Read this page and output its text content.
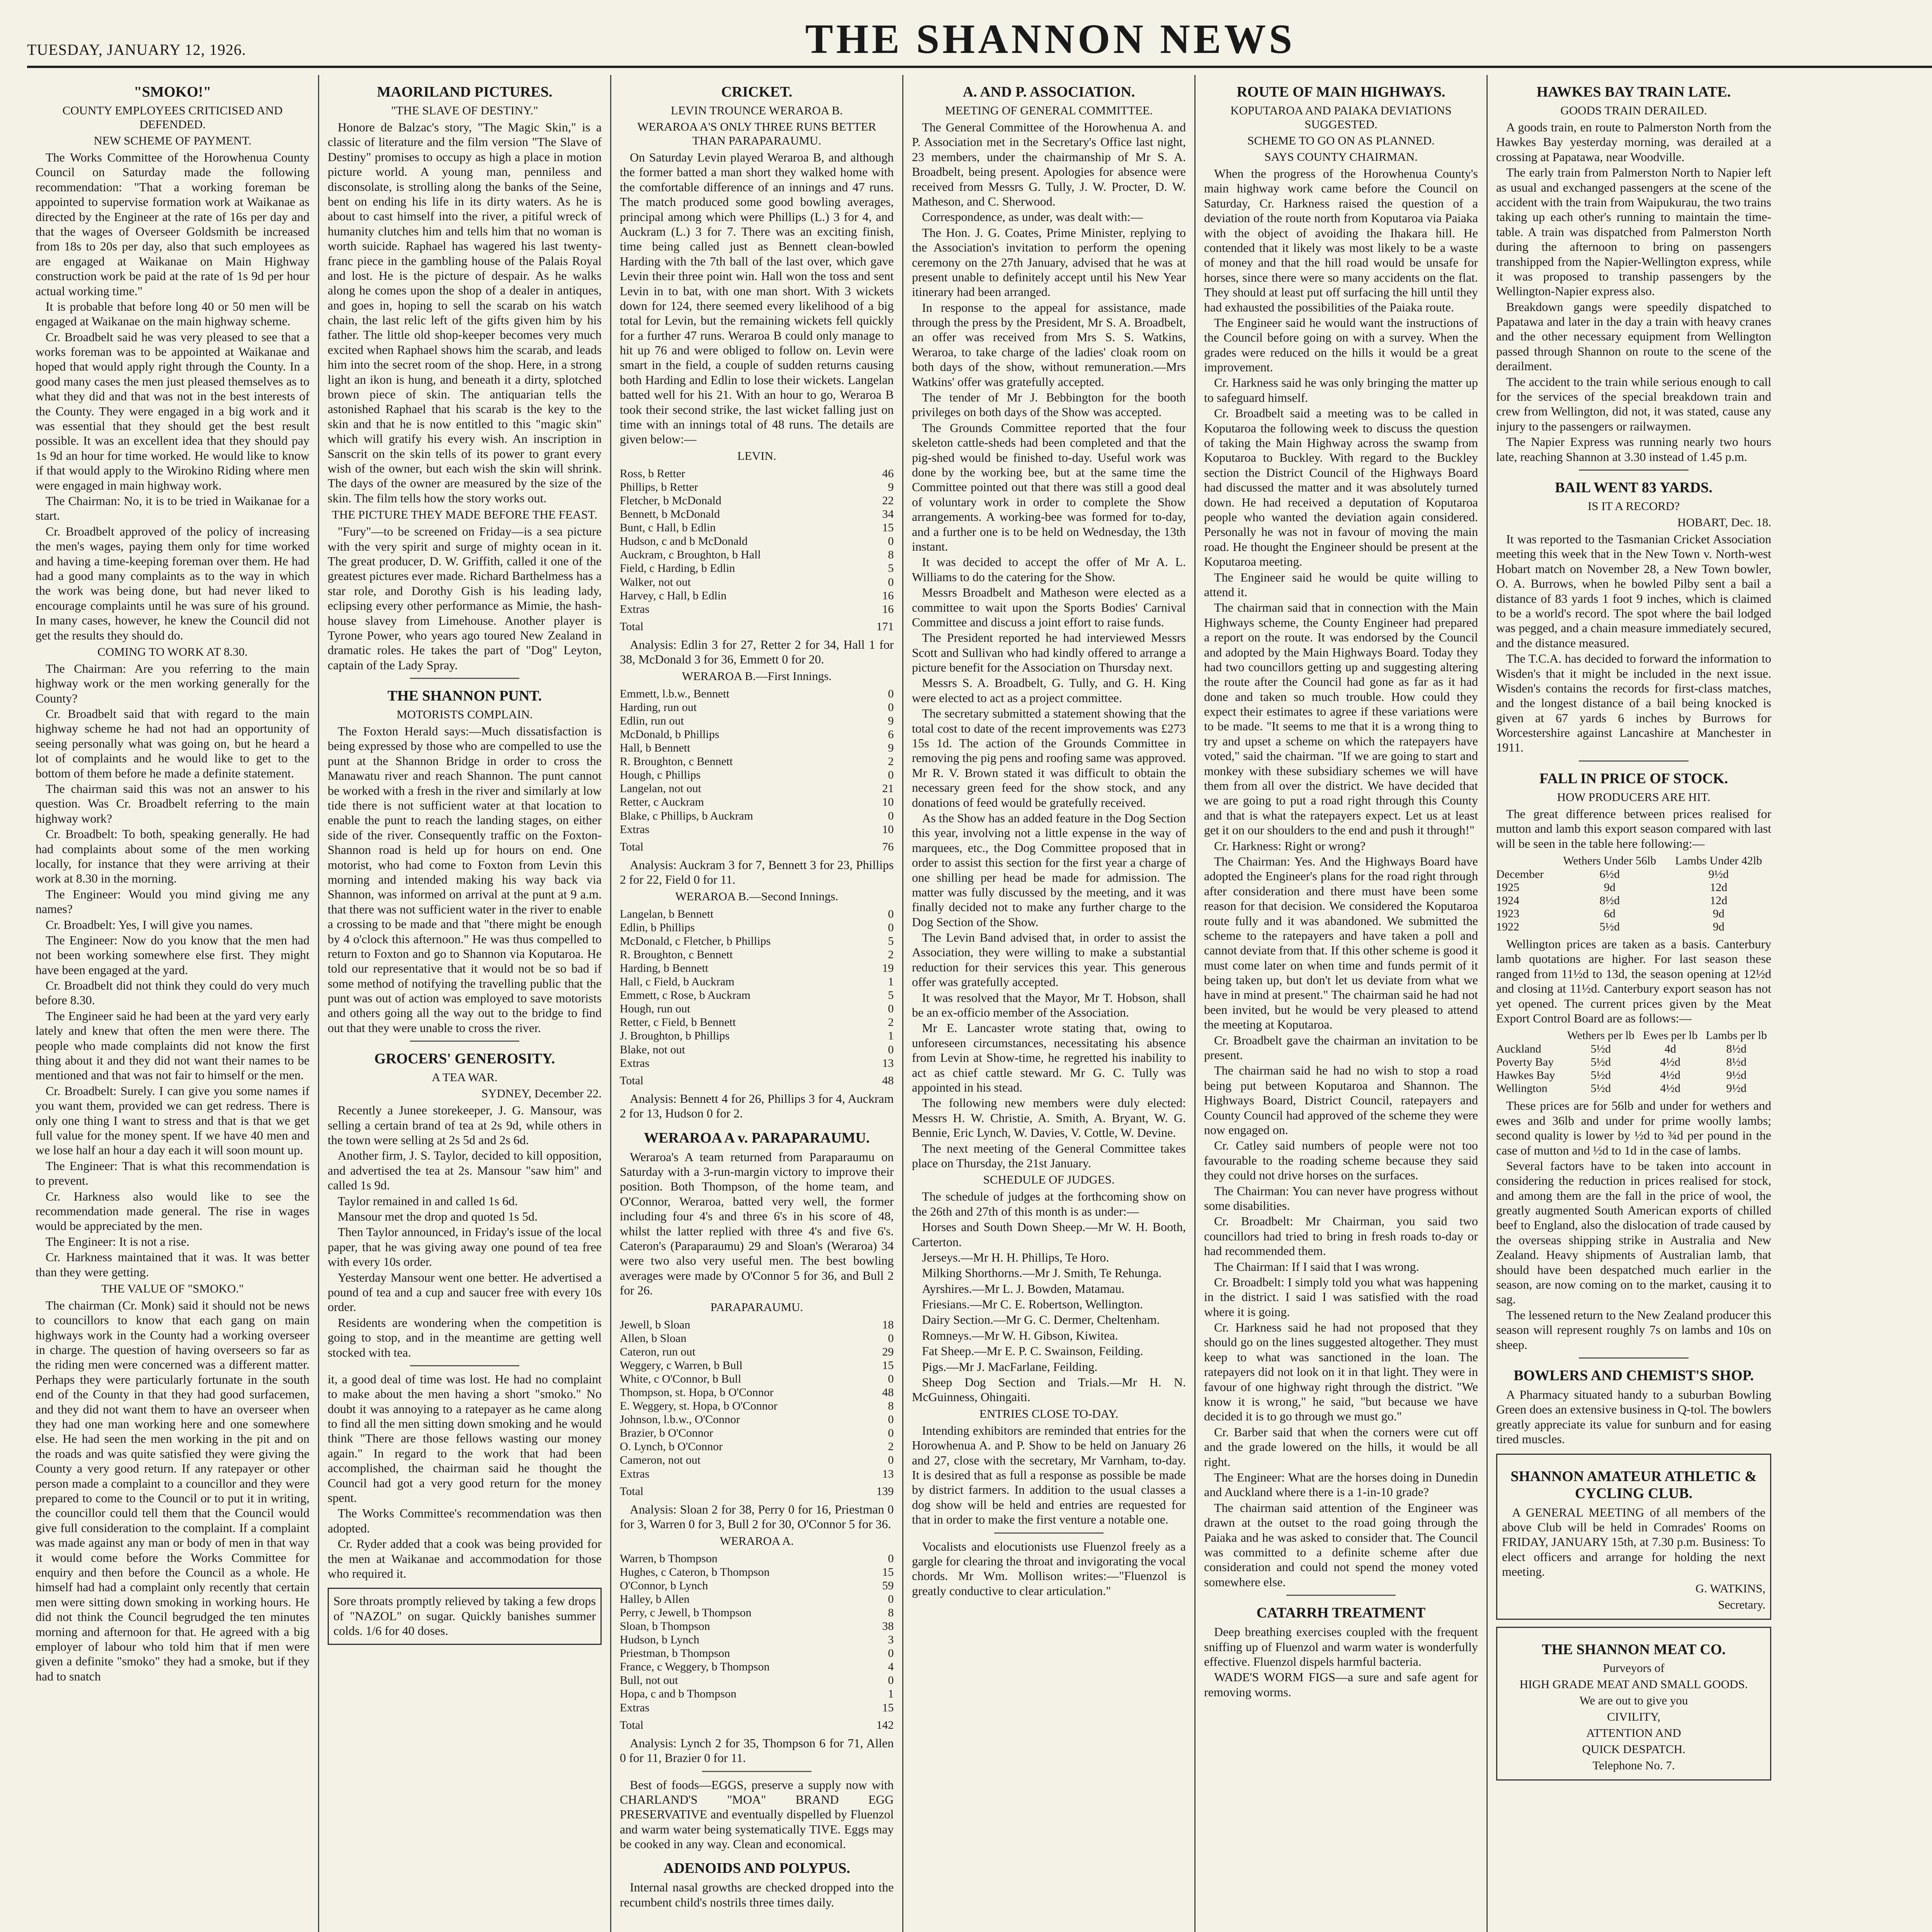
TUESDAY, JANUARY 12, 1926.	THE SHANNON NEWS
"SMOKO!"
COUNTY EMPLOYEES CRITICISED AND DEFENDED.
NEW SCHEME OF PAYMENT.

The Works Committee of the Horowhenua County Council on Saturday made the following recommendation: "That a working foreman be appointed to supervise formation work at Waikanae as directed by the Engineer at the rate of 16s per day and that the wages of Overseer Goldsmith be increased from 18s to 20s per day, also that such employees as are engaged at Waikanae on Main Highway construction work be paid at the rate of 1s 9d per hour actual working time."

It is probable that before long 40 or 50 men will be engaged at Waikanae on the main highway scheme.

Cr. Broadbelt said he was very pleased to see that a works foreman was to be appointed at Waikanae and hoped that would apply right through the County. In a good many cases the men just pleased themselves as to what they did and that was not in the best interests of the County. They were engaged in a big work and it was essential that they should get the best result possible. It was an excellent idea that they should pay 1s 9d an hour for time worked. He would like to know if that would apply to the Wirokino Riding where men were engaged in main highway work.

The Chairman: No, it is to be tried in Waikanae for a start.

Cr. Broadbelt approved of the policy of increasing the men's wages, paying them only for time worked and having a time-keeping foreman over them. He had had a good many complaints as to the way in which the work was being done, but had never liked to encourage complaints until he was sure of his ground. In many cases, however, he knew the Council did not get the results they should do.

COMING TO WORK AT 8.30.

The Chairman: Are you referring to the main highway work or the men working generally for the County?

Cr. Broadbelt said that with regard to the main highway scheme he had not had an opportunity of seeing personally what was going on, but he heard a lot of complaints and he would like to get to the bottom of them before he made a definite statement.

The chairman said this was not an answer to his question. Was Cr. Broadbelt referring to the main highway work?

Cr. Broadbelt: To both, speaking generally. He had had complaints about some of the men working locally, for instance that they were arriving at their work at 8.30 in the morning.

The Engineer: Would you mind giving me any names?

Cr. Broadbelt: Yes, I will give you names.

The Engineer: Now do you know that the men had not been working somewhere else first. They might have been engaged at the yard.

Cr. Broadbelt did not think they could do very much before 8.30.

The Engineer said he had been at the yard very early lately and knew that often the men were there. The people who made complaints did not know the first thing about it and they did not want their names to be mentioned and that was not fair to himself or the men.

Cr. Broadbelt: Surely. I can give you some names if you want them, provided we can get redress. There is only one thing I want to stress and that is that we get full value for the money spent. If we have 40 men and we lose half an hour a day each it will soon mount up.

The Engineer: That is what this recommendation is to prevent.

Cr. Harkness also would like to see the recommendation made general. The rise in wages would be appreciated by the men.

The Engineer: It is not a rise.

Cr. Harkness maintained that it was. It was better than they were getting.

THE VALUE OF "SMOKO."

The chairman (Cr. Monk) said it should not be news to councillors to know that each gang on main highways work in the County had a working overseer in charge. The question of having overseers so far as the riding men were concerned was a different matter. Perhaps they were particularly fortunate in the south end of the County in that they had good surfacemen, and they did not want them to have an overseer when they had one man working here and one somewhere else. He had seen the men working in the pit and on the roads and was quite satisfied they were giving the County a very good return. If any ratepayer or other person made a complaint to a councillor and they were prepared to come to the Council or to put it in writing, the councillor could tell them that the Council would give full consideration to the complaint. If a complaint was made against any man or body of men in that way it would come before the Works Committee for enquiry and then before the Council as a whole. He himself had had a complaint only recently that certain men were sitting down smoking in working hours. He did not think the Council begrudged the ten minutes morning and afternoon for that. He agreed with a big employer of labour who told him that if men were given a definite "smoko" they had a smoke, but if they had to snatch

MAORILAND PICTURES.
"THE SLAVE OF DESTINY."

Honore de Balzac's story, "The Magic Skin," is a classic of literature and the film version "The Slave of Destiny" promises to occupy as high a place in motion picture world. A young man, penniless and disconsolate, is strolling along the banks of the Seine, bent on ending his life in its dirty waters. As he is about to cast himself into the river, a pitiful wreck of humanity clutches him and tells him that no woman is worth suicide. Raphael has wagered his last twenty-franc piece in the gambling house of the Palais Royal and lost. He is the picture of despair. As he walks along he comes upon the shop of a dealer in antiques, and goes in, hoping to sell the scarab on his watch chain, the last relic left of the gifts given him by his father. The little old shop-keeper becomes very much excited when Raphael shows him the scarab, and leads him into the secret room of the shop. Here, in a strong light an ikon is hung, and beneath it a dirty, splotched brown piece of skin. The antiquarian tells the astonished Raphael that his scarab is the key to the skin and that he is now entitled to this "magic skin" which will gratify his every wish. An inscription in Sanscrit on the skin tells of its power to grant every wish of the owner, but each wish the skin will shrink. The days of the owner are measured by the size of the skin. The film tells how the story works out.

THE PICTURE THEY MADE BEFORE THE FEAST.

"Fury"—to be screened on Friday—is a sea picture with the very spirit and surge of mighty ocean in it. The great producer, D. W. Griffith, called it one of the greatest pictures ever made. Richard Barthelmess has a star role, and Dorothy Gish is his leading lady, eclipsing every other performance as Mimie, the hash-house slavey from Limehouse. Another player is Tyrone Power, who years ago toured New Zealand in dramatic roles. He takes the part of "Dog" Leyton, captain of the Lady Spray.

THE SHANNON PUNT.
MOTORISTS COMPLAIN.

The Foxton Herald says:—Much dissatisfaction is being expressed by those who are compelled to use the punt at the Shannon Bridge in order to cross the Manawatu river and reach Shannon. The punt cannot be worked with a fresh in the river and similarly at low tide there is not sufficient water at that location to enable the punt to reach the landing stages, on either side of the river. Consequently traffic on the Foxton-Shannon road is held up for hours on end. One motorist, who had come to Foxton from Levin this morning and intended making his way back via Shannon, was informed on arrival at the punt at 9 a.m. that there was not sufficient water in the river to enable a crossing to be made and that "there might be enough by 4 o'clock this afternoon." He was thus compelled to return to Foxton and go to Shannon via Koputaroa. He told our representative that it would not be so bad if some method of notifying the travelling public that the punt was out of action was employed to save motorists and others going all the way out to the bridge to find out that they were unable to cross the river.

GROCERS' GENEROSITY.
A TEA WAR.
SYDNEY, December 22.

Recently a Junee storekeeper, J. G. Mansour, was selling a certain brand of tea at 2s 9d, while others in the town were selling at 2s 5d and 2s 6d.

Another firm, J. S. Taylor, decided to kill opposition, and advertised the tea at 2s. Mansour "saw him" and called 1s 9d.

Taylor remained in and called 1s 6d.

Mansour met the drop and quoted 1s 5d.

Then Taylor announced, in Friday's issue of the local paper, that he was giving away one pound of tea free with every 10s order.

Yesterday Mansour went one better. He advertised a pound of tea and a cup and saucer free with every 10s order.

Residents are wondering when the competition is going to stop, and in the meantime are getting well stocked with tea.

it, a good deal of time was lost. He had no complaint to make about the men having a short "smoko." No doubt it was annoying to a ratepayer as he came along to find all the men sitting down smoking and he would think "There are those fellows wasting our money again." In regard to the work that had been accomplished, the chairman said he thought the Council had got a very good return for the money spent.

The Works Committee's recommendation was then adopted.

Cr. Ryder added that a cook was being provided for the men at Waikanae and accommodation for those who required it.

Sore throats promptly relieved by taking a few drops of "NAZOL" on sugar. Quickly banishes summer colds. 1/6 for 40 doses.

CRICKET.
LEVIN TROUNCE WERAROA B.
WERAROA A'S ONLY THREE RUNS BETTER THAN PARAPARAUMU.

On Saturday Levin played Weraroa B, and although the former batted a man short they walked home with the comfortable difference of an innings and 47 runs. The match produced some good bowling averages, principal among which were Phillips (L.) 3 for 4, and Auckram (L.) 3 for 7. There was an exciting finish, time being called just as Bennett clean-bowled Harding with the 7th ball of the last over, which gave Levin their three point win. Hall won the toss and sent Levin in to bat, with one man short. With 3 wickets down for 124, there seemed every likelihood of a big total for Levin, but the remaining wickets fell quickly for a further 47 runs. Weraroa B could only manage to hit up 76 and were obliged to follow on. Levin were smart in the field, a couple of sudden returns causing both Harding and Edlin to lose their wickets. Langelan batted well for his 21. With an hour to go, Weraroa B took their second strike, the last wicket falling just on time with an innings total of 48 runs. The details are given below:—

LEVIN.
Ross, b Retter	46
Phillips, b Retter	9
Fletcher, b McDonald	22
Bennett, b McDonald	34
Bunt, c Hall, b Edlin	15
Hudson, c and b McDonald	0
Auckram, c Broughton, b Hall	8
Field, c Harding, b Edlin	5
Walker, not out	0
Harvey, c Hall, b Edlin	16
Extras	16
Total	171

Analysis: Edlin 3 for 27, Retter 2 for 34, Hall 1 for 38, McDonald 3 for 36, Emmett 0 for 20.

WERAROA B.—First Innings.
Emmett, l.b.w., Bennett	0
Harding, run out	0
Edlin, run out	9
McDonald, b Phillips	6
Hall, b Bennett	9
R. Broughton, c Bennett	2
Hough, c Phillips	0
Langelan, not out	21
Retter, c Auckram	10
Blake, c Phillips, b Auckram	0
Extras	10
Total	76

Analysis: Auckram 3 for 7, Bennett 3 for 23, Phillips 2 for 22, Field 0 for 11.

WERAROA B.—Second Innings.
Langelan, b Bennett	0
Edlin, b Phillips	0
McDonald, c Fletcher, b Phillips	5
R. Broughton, c Bennett	2
Harding, b Bennett	19
Hall, c Field, b Auckram	1
Emmett, c Rose, b Auckram	5
Hough, run out	0
Retter, c Field, b Bennett	2
J. Broughton, b Phillips	1
Blake, not out	0
Extras	13
Total	48

Analysis: Bennett 4 for 26, Phillips 3 for 4, Auckram 2 for 13, Hudson 0 for 2.

WERAROA A v. PARAPARAUMU.

Weraroa's A team returned from Paraparaumu on Saturday with a 3-run-margin victory to improve their position. Both Thompson, of the home team, and O'Connor, Weraroa, batted very well, the former including four 4's and three 6's in his score of 48, whilst the latter replied with three 4's and five 6's. Cateron's (Paraparaumu) 29 and Sloan's (Weraroa) 34 were two also very useful men. The best bowling averages were made by O'Connor 5 for 36, and Bull 2 for 26.

PARAPARAUMU.
Jewell, b Sloan	18
Allen, b Sloan	0
Cateron, run out	29
Weggery, c Warren, b Bull	15
White, c O'Connor, b Bull	0
Thompson, st. Hopa, b O'Connor	48
E. Weggery, st. Hopa, b O'Connor	8
Johnson, l.b.w., O'Connor	0
Brazier, b O'Connor	0
O. Lynch, b O'Connor	2
Cameron, not out	0
Extras	13
Total	139

Analysis: Sloan 2 for 38, Perry 0 for 16, Priestman 0 for 3, Warren 0 for 3, Bull 2 for 30, O'Connor 5 for 36.

WERAROA A.
Warren, b Thompson	0
Hughes, c Cateron, b Thompson	15
O'Connor, b Lynch	59
Halley, b Allen	0
Perry, c Jewell, b Thompson	8
Sloan, b Thompson	38
Hudson, b Lynch	3
Priestman, b Thompson	0
France, c Weggery, b Thompson	4
Bull, not out	0
Hopa, c and b Thompson	1
Extras	15
Total	142

Analysis: Lynch 2 for 35, Thompson 6 for 71, Allen 0 for 11, Brazier 0 for 11.

Best of foods—EGGS, preserve a supply now with CHARLAND'S "MOA" BRAND EGG PRESERVATIVE and eventually dispelled by Fluenzol and warm water being systematically TIVE. Eggs may be cooked in any way. Clean and economical.

ADENOIDS AND POLYPUS.

Internal nasal growths are checked dropped into the recumbent child's nostrils three times daily.

A. AND P. ASSOCIATION.
MEETING OF GENERAL COMMITTEE.

The General Committee of the Horowhenua A. and P. Association met in the Secretary's Office last night, 23 members, under the chairmanship of Mr S. A. Broadbelt, being present. Apologies for absence were received from Messrs G. Tully, J. W. Procter, D. W. Matheson, and C. Sherwood.

Correspondence, as under, was dealt with:—

The Hon. J. G. Coates, Prime Minister, replying to the Association's invitation to perform the opening ceremony on the 27th January, advised that he was at present unable to definitely accept until his New Year itinerary had been arranged.

In response to the appeal for assistance, made through the press by the President, Mr S. A. Broadbelt, an offer was received from Mrs S. S. Watkins, Weraroa, to take charge of the ladies' cloak room on both days of the show, without remuneration.—Mrs Watkins' offer was gratefully accepted.

The tender of Mr J. Bebbington for the booth privileges on both days of the Show was accepted.

The Grounds Committee reported that the four skeleton cattle-sheds had been completed and that the pig-shed would be finished to-day. Useful work was done by the working bee, but at the same time the Committee pointed out that there was still a good deal of voluntary work in order to complete the Show arrangements. A working-bee was formed for to-day, and a further one is to be held on Wednesday, the 13th instant.

It was decided to accept the offer of Mr A. L. Williams to do the catering for the Show.

Messrs Broadbelt and Matheson were elected as a committee to wait upon the Sports Bodies' Carnival Committee and discuss a joint effort to raise funds.

The President reported he had interviewed Messrs Scott and Sullivan who had kindly offered to arrange a picture benefit for the Association on Thursday next.

Messrs S. A. Broadbelt, G. Tully, and G. H. King were elected to act as a project committee.

The secretary submitted a statement showing that the total cost to date of the recent improvements was £273 15s 1d. The action of the Grounds Committee in removing the pig pens and roofing same was approved. Mr R. V. Brown stated it was difficult to obtain the necessary green feed for the show stock, and any donations of feed would be gratefully received.

As the Show has an added feature in the Dog Section this year, involving not a little expense in the way of marquees, etc., the Dog Committee proposed that in order to assist this section for the first year a charge of one shilling per head be made for admission. The matter was fully discussed by the meeting, and it was finally decided not to make any further charge to the Dog Section of the Show.

The Levin Band advised that, in order to assist the Association, they were willing to make a substantial reduction for their services this year. This generous offer was gratefully accepted.

It was resolved that the Mayor, Mr T. Hobson, shall be an ex-officio member of the Association.

Mr E. Lancaster wrote stating that, owing to unforeseen circumstances, necessitating his absence from Levin at Show-time, he regretted his inability to act as chief cattle steward. Mr G. C. Tully was appointed in his stead.

The following new members were duly elected: Messrs H. W. Christie, A. Smith, A. Bryant, W. G. Bennie, Eric Lynch, W. Davies, V. Cottle, W. Devine.

The next meeting of the General Committee takes place on Thursday, the 21st January.

SCHEDULE OF JUDGES.

The schedule of judges at the forthcoming show on the 26th and 27th of this month is as under:—

Horses and South Down Sheep.—Mr W. H. Booth, Carterton.

Jerseys.—Mr H. H. Phillips, Te Horo.

Milking Shorthorns.—Mr J. Smith, Te Rehunga.

Ayrshires.—Mr L. J. Bowden, Matamau.

Friesians.—Mr C. E. Robertson, Wellington.

Dairy Section.—Mr G. C. Dermer, Cheltenham.

Romneys.—Mr W. H. Gibson, Kiwitea.

Fat Sheep.—Mr E. P. C. Swainson, Feilding.

Pigs.—Mr J. MacFarlane, Feilding.

Sheep Dog Section and Trials.—Mr H. N. McGuinness, Ohingaiti.

ENTRIES CLOSE TO-DAY.

Intending exhibitors are reminded that entries for the Horowhenua A. and P. Show to be held on January 26 and 27, close with the secretary, Mr Varnham, to-day. It is desired that as full a response as possible be made by district farmers. In addition to the usual classes a dog show will be held and entries are requested for that in order to make the first venture a notable one.

Vocalists and elocutionists use Fluenzol freely as a gargle for clearing the throat and invigorating the vocal chords. Mr Wm. Mollison writes:—"Fluenzol is greatly conductive to clear articulation."

ROUTE OF MAIN HIGHWAYS.
KOPUTAROA AND PAIAKA DEVIATIONS SUGGESTED.
SCHEME TO GO ON AS PLANNED.
SAYS COUNTY CHAIRMAN.

When the progress of the Horowhenua County's main highway work came before the Council on Saturday, Cr. Harkness raised the question of a deviation of the route north from Koputaroa via Paiaka with the object of avoiding the Ihakara hill. He contended that it likely was most likely to be a waste of money and that the hill road would be unsafe for horses, since there were so many accidents on the flat. They should at least put off surfacing the hill until they had exhausted the possibilities of the Paiaka route.

The Engineer said he would want the instructions of the Council before going on with a survey. When the grades were reduced on the hills it would be a great improvement.

Cr. Harkness said he was only bringing the matter up to safeguard himself.

Cr. Broadbelt said a meeting was to be called in Koputaroa the following week to discuss the question of taking the Main Highway across the swamp from Koputaroa to Buckley. With regard to the Buckley section the District Council of the Highways Board had discussed the matter and it was absolutely turned down. He had received a deputation of Koputaroa people who wanted the deviation again considered. Personally he was not in favour of moving the main road. He thought the Engineer should be present at the Koputaroa meeting.

The Engineer said he would be quite willing to attend it.

The chairman said that in connection with the Main Highways scheme, the County Engineer had prepared a report on the route. It was endorsed by the Council and adopted by the Main Highways Board. Today they had two councillors getting up and suggesting altering the route after the Council had gone as far as it had done and taken so much trouble. How could they expect their estimates to agree if these variations were to be made. "It seems to me that it is a wrong thing to try and upset a scheme on which the ratepayers have voted," said the chairman. "If we are going to start and monkey with these subsidiary schemes we will have them from all over the district. We have decided that we are going to put a road right through this County and that is what the ratepayers expect. Let us at least get it on our shoulders to the end and push it through!"

Cr. Harkness: Right or wrong?

The Chairman: Yes. And the Highways Board have adopted the Engineer's plans for the road right through after consideration and there must have been some reason for that decision. We considered the Koputaroa route fully and it was abandoned. We submitted the scheme to the ratepayers and have taken a poll and cannot deviate from that. If this other scheme is good it must come later on when time and funds permit of it being taken up, but don't let us deviate from what we have in mind at present." The chairman said he had not been invited, but he would be very pleased to attend the meeting at Koputaroa.

Cr. Broadbelt gave the chairman an invitation to be present.

The chairman said he had no wish to stop a road being put between Koputaroa and Shannon. The Highways Board, District Council, ratepayers and County Council had approved of the scheme they were now engaged on.

Cr. Catley said numbers of people were not too favourable to the roading scheme because they said they could not drive horses on the surfaces.

The Chairman: You can never have progress without some disabilities.

Cr. Broadbelt: Mr Chairman, you said two councillors had tried to bring in fresh roads to-day or had recommended them.

The Chairman: If I said that I was wrong.

Cr. Broadbelt: I simply told you what was happening in the district. I said I was satisfied with the road where it is going.

Cr. Harkness said he had not proposed that they should go on the lines suggested altogether. They must keep to what was sanctioned in the loan. The ratepayers did not look on it in that light. They were in favour of one highway right through the district. "We know it is wrong," he said, "but because we have decided it is to go through we must go."

Cr. Barber said that when the corners were cut off and the grade lowered on the hills, it would be all right.

The Engineer: What are the horses doing in Dunedin and Auckland where there is a 1-in-10 grade?

The chairman said attention of the Engineer was drawn at the outset to the road going through the Paiaka and he was asked to consider that. The Council was committed to a definite scheme after due consideration and could not spend the money voted somewhere else.

CATARRH TREATMENT

Deep breathing exercises coupled with the frequent sniffing up of Fluenzol and warm water is wonderfully effective. Fluenzol dispels harmful bacteria.

WADE'S WORM FIGS—a sure and safe agent for removing worms.

HAWKES BAY TRAIN LATE.
GOODS TRAIN DERAILED.

A goods train, en route to Palmerston North from the Hawkes Bay yesterday morning, was derailed at a crossing at Papatawa, near Woodville.

The early train from Palmerston North to Napier left as usual and exchanged passengers at the scene of the accident with the train from Waipukurau, the two trains taking up each other's running to maintain the time-table. A train was dispatched from Palmerston North during the afternoon to bring on passengers transhipped from the Napier-Wellington express, while it was proposed to tranship passengers by the Wellington-Napier express also.

Breakdown gangs were speedily dispatched to Papatawa and later in the day a train with heavy cranes and the other necessary equipment from Wellington passed through Shannon on route to the scene of the derailment.

The accident to the train while serious enough to call for the services of the special breakdown train and crew from Wellington, did not, it was stated, cause any injury to the passengers or railwaymen.

The Napier Express was running nearly two hours late, reaching Shannon at 3.30 instead of 1.45 p.m.

BAIL WENT 83 YARDS.
IS IT A RECORD?
HOBART, Dec. 18.

It was reported to the Tasmanian Cricket Association meeting this week that in the New Town v. North-west Hobart match on November 28, a New Town bowler, O. A. Burrows, when he bowled Pilby sent a bail a distance of 83 yards 1 foot 9 inches, which is claimed to be a world's record. The spot where the bail lodged was pegged, and a chain measure immediately secured, and the distance measured.

The T.C.A. has decided to forward the information to Wisden's that it might be included in the next issue. Wisden's contains the records for first-class matches, and the longest distance of a bail being knocked is given at 67 yards 6 inches by Burrows for Worcestershire against Lancashire at Manchester in 1911.

FALL IN PRICE OF STOCK.
HOW PRODUCERS ARE HIT.

The great difference between prices realised for mutton and lamb this export season compared with last will be seen in the table here following:—

	Wethers Under 56lb	Lambs Under 42lb
December	6½d	9½d
1925	9d	12d
1924	8½d	12d
1923	6d	9d
1922	5½d	9d

Wellington prices are taken as a basis. Canterbury lamb quotations are higher. For last season these ranged from 11½d to 13d, the season opening at 12½d and closing at 11½d. Canterbury export season has not yet opened. The current prices given by the Meat Export Control Board are as follows:—

	Wethers per lb	Ewes per lb	Lambs per lb
Auckland	5½d	4d	8½d
Poverty Bay	5½d	4½d	8½d
Hawkes Bay	5½d	4½d	9½d
Wellington	5½d	4½d	9½d

These prices are for 56lb and under for wethers and ewes and 36lb and under for prime woolly lambs; second quality is lower by ½d to ¾d per pound in the case of mutton and ½d to 1d in the case of lambs.

Several factors have to be taken into account in considering the reduction in prices realised for stock, and among them are the fall in the price of wool, the greatly augmented South American exports of chilled beef to England, also the dislocation of trade caused by the overseas shipping strike in Australia and New Zealand. Heavy shipments of Australian lamb, that should have been despatched much earlier in the season, are now coming on to the market, causing it to sag.

The lessened return to the New Zealand producer this season will represent roughly 7s on lambs and 10s on sheep.

BOWLERS AND CHEMIST'S SHOP.

A Pharmacy situated handy to a suburban Bowling Green does an extensive business in Q-tol. The bowlers greatly appreciate its value for sunburn and for easing tired muscles.

SHANNON AMATEUR ATHLETIC & CYCLING CLUB.

A GENERAL MEETING of all members of the above Club will be held in Comrades' Rooms on FRIDAY, JANUARY 15th, at 7.30 p.m. Business: To elect officers and arrange for holding the next meeting.

G. WATKINS,
Secretary.
THE SHANNON MEAT CO.
Purveyors of
HIGH GRADE MEAT AND SMALL GOODS.
We are out to give you
CIVILITY,
ATTENTION AND
QUICK DESPATCH.
Telephone No. 7.
